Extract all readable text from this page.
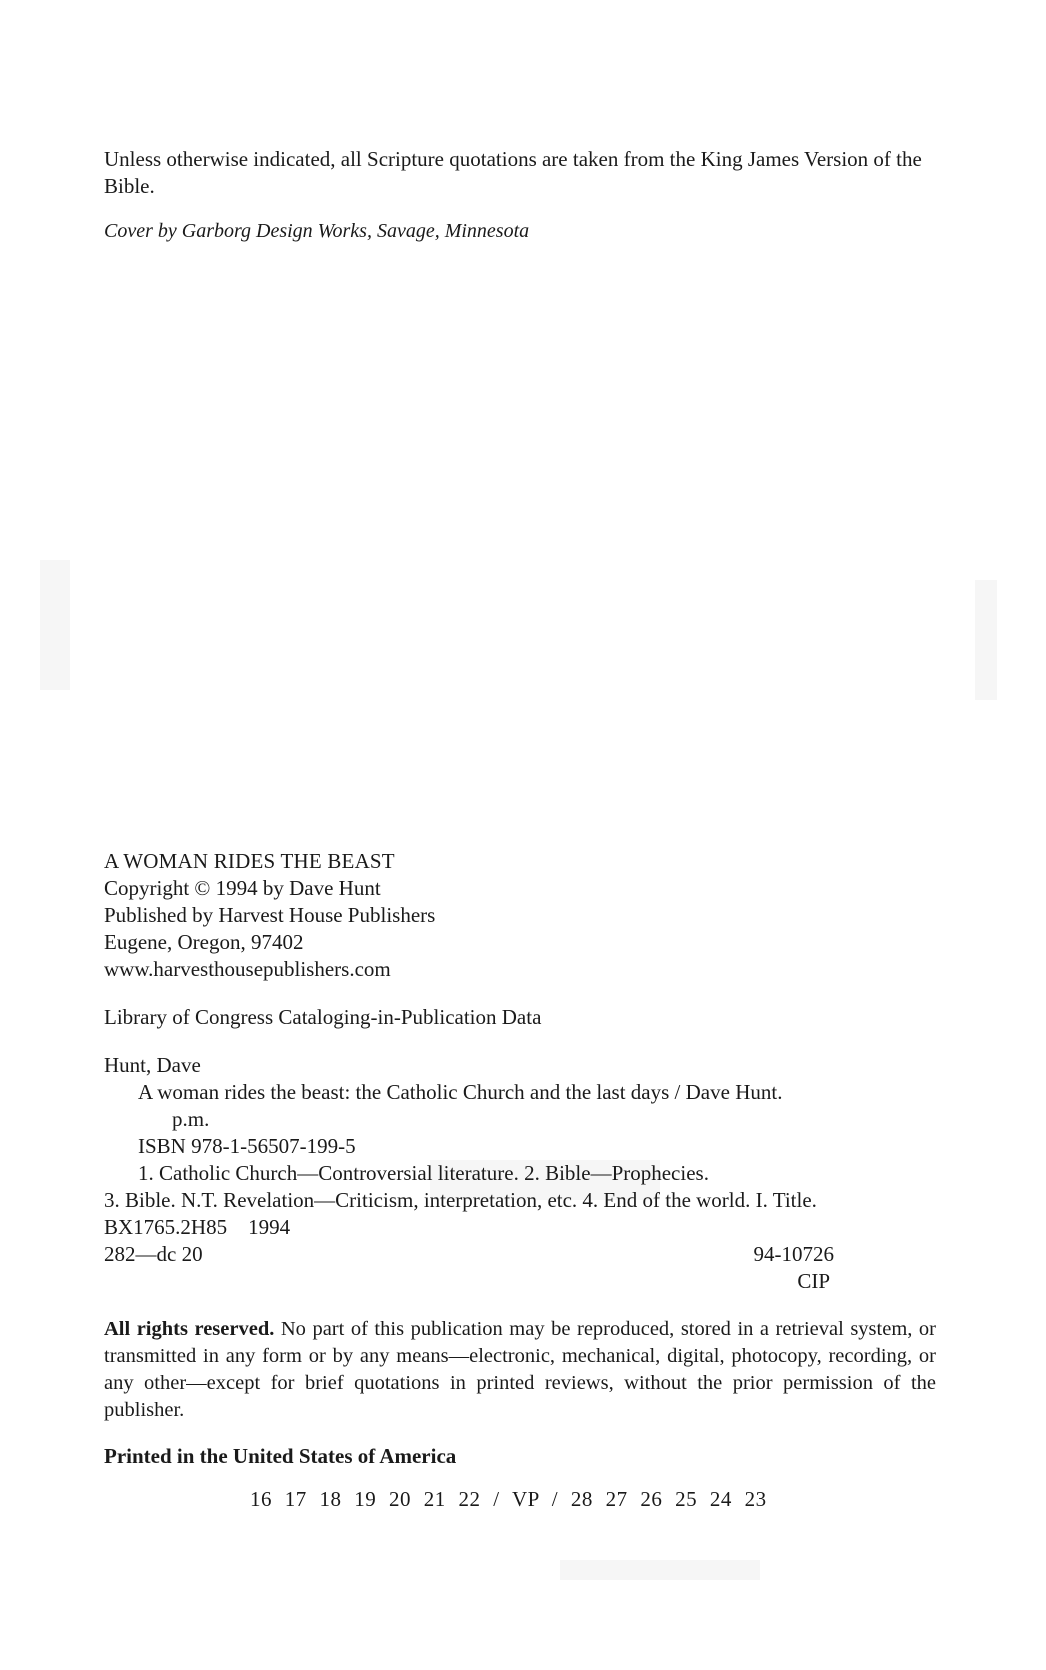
Unless otherwise indicated, all Scripture quotations are taken from the King James Version of the Bible.
Cover by Garborg Design Works, Savage, Minnesota
A WOMAN RIDES THE BEAST
Copyright © 1994 by Dave Hunt
Published by Harvest House Publishers
Eugene, Oregon, 97402
www.harvesthousepublishers.com
Library of Congress Cataloging-in-Publication Data
Hunt, Dave
A woman rides the beast: the Catholic Church and the last days / Dave Hunt.
p.m.
ISBN 978-1-56507-199-5
1. Catholic Church—Controversial literature. 2. Bible—Prophecies.
3. Bible. N.T. Revelation—Criticism, interpretation, etc. 4. End of the world. I. Title.
BX1765.2H85    1994
282—dc 20	94-10726
CIP
All rights reserved. No part of this publication may be reproduced, stored in a retrieval system, or transmitted in any form or by any means—electronic, mechanical, digital, photocopy, recording, or any other—except for brief quotations in printed reviews, without the prior permission of the publisher.
Printed in the United States of America
16 17 18 19 20 21 22 / VP / 28 27 26 25 24 23
